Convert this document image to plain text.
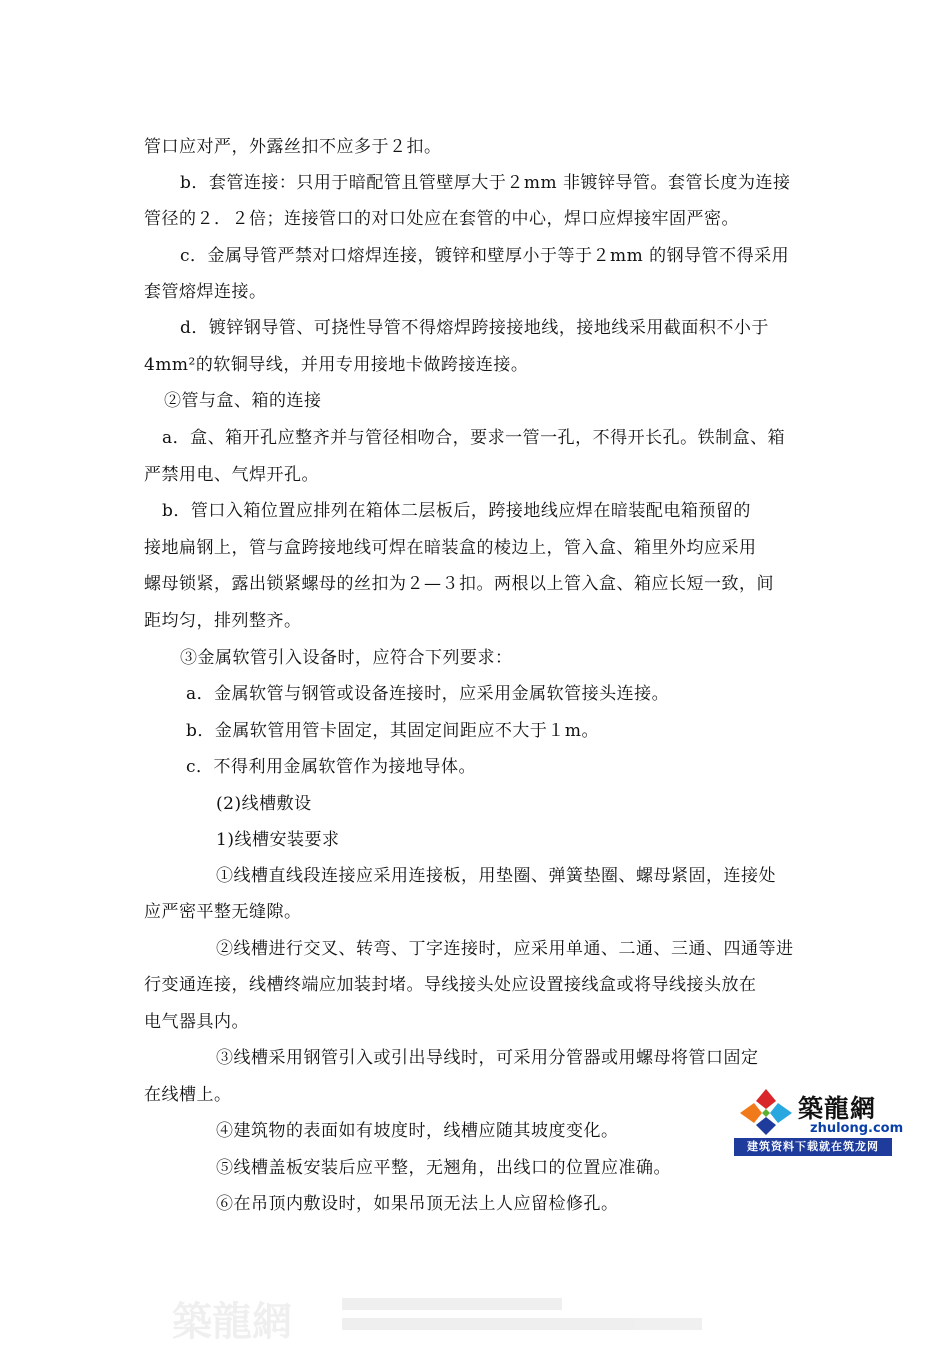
管口应对严，外露丝扣不应多于２扣。

b．套管连接：只用于暗配管且管壁厚大于２mm 非镀锌导管。套管长度为连接

管径的２．２倍；连接管口的对口处应在套管的中心，焊口应焊接牢固严密。

c．金属导管严禁对口熔焊连接，镀锌和壁厚小于等于２mm 的钢导管不得采用

套管熔焊连接。

d．镀锌钢导管、可挠性导管不得熔焊跨接接地线，接地线采用截面积不小于

4mm²的软铜导线，并用专用接地卡做跨接连接。

②管与盒、箱的连接

a．盒、箱开孔应整齐并与管径相吻合，要求一管一孔，不得开长孔。铁制盒、箱

严禁用电、气焊开孔。

b．管口入箱位置应排列在箱体二层板后，跨接地线应焊在暗装配电箱预留的

接地扁钢上，管与盒跨接地线可焊在暗装盒的棱边上，管入盒、箱里外均应采用

螺母锁紧，露出锁紧螺母的丝扣为２—３扣。两根以上管入盒、箱应长短一致，间

距均匀，排列整齐。

③金属软管引入设备时，应符合下列要求：

a．金属软管与钢管或设备连接时，应采用金属软管接头连接。

b．金属软管用管卡固定，其固定间距应不大于１m。

c．不得利用金属软管作为接地导体。

(2)线槽敷设

1)线槽安装要求

①线槽直线段连接应采用连接板，用垫圈、弹簧垫圈、螺母紧固，连接处

应严密平整无缝隙。

②线槽进行交叉、转弯、丁字连接时，应采用单通、二通、三通、四通等进

行变通连接，线槽终端应加装封堵。导线接头处应设置接线盒或将导线接头放在

电气器具内。

③线槽采用钢管引入或引出导线时，可采用分管器或用螺母将管口固定

在线槽上。

④建筑物的表面如有坡度时，线槽应随其坡度变化。

⑤线槽盖板安装后应平整，无翘角，出线口的位置应准确。

⑥在吊顶内敷设时，如果吊顶无法上人应留检修孔。

築龍網
zhulong.com
建筑资料下载就在筑龙网
築龍網
